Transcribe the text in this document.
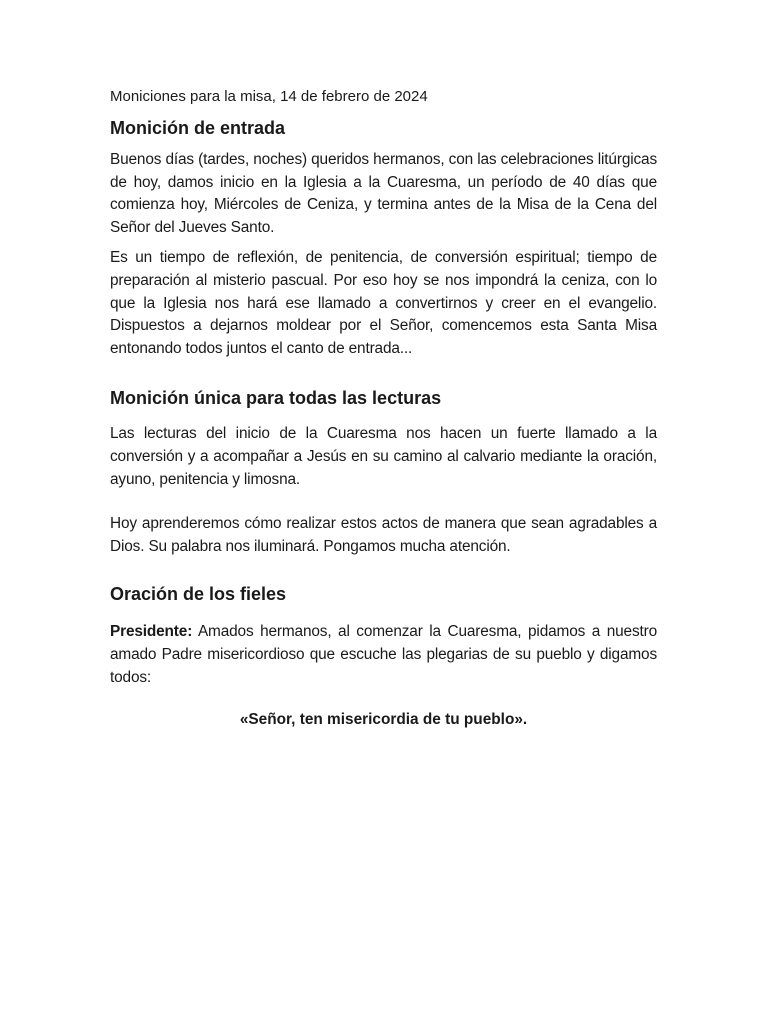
Moniciones para la misa, 14 de febrero de 2024
Monición de entrada

Buenos días (tardes, noches) queridos hermanos, con las celebraciones litúrgicas de hoy, damos inicio en la Iglesia a la Cuaresma, un período de 40 días que comienza hoy, Miércoles de Ceniza, y termina antes de la Misa de la Cena del Señor del Jueves Santo.

Es un tiempo de reflexión, de penitencia, de conversión espiritual; tiempo de preparación al misterio pascual. Por eso hoy se nos impondrá la ceniza, con lo que la Iglesia nos hará ese llamado a convertirnos y creer en el evangelio. Dispuestos a dejarnos moldear por el Señor, comencemos esta Santa Misa entonando todos juntos el canto de entrada...

Monición única para todas las lecturas

Las lecturas del inicio de la Cuaresma nos hacen un fuerte llamado a la conversión y a acompañar a Jesús en su camino al calvario mediante la oración, ayuno, penitencia y limosna.

Hoy aprenderemos cómo realizar estos actos de manera que sean agradables a Dios. Su palabra nos iluminará. Pongamos mucha atención.

Oración de los fieles

Presidente: Amados hermanos, al comenzar la Cuaresma, pidamos a nuestro amado Padre misericordioso que escuche las plegarias de su pueblo y digamos todos:

«Señor, ten misericordia de tu pueblo».
